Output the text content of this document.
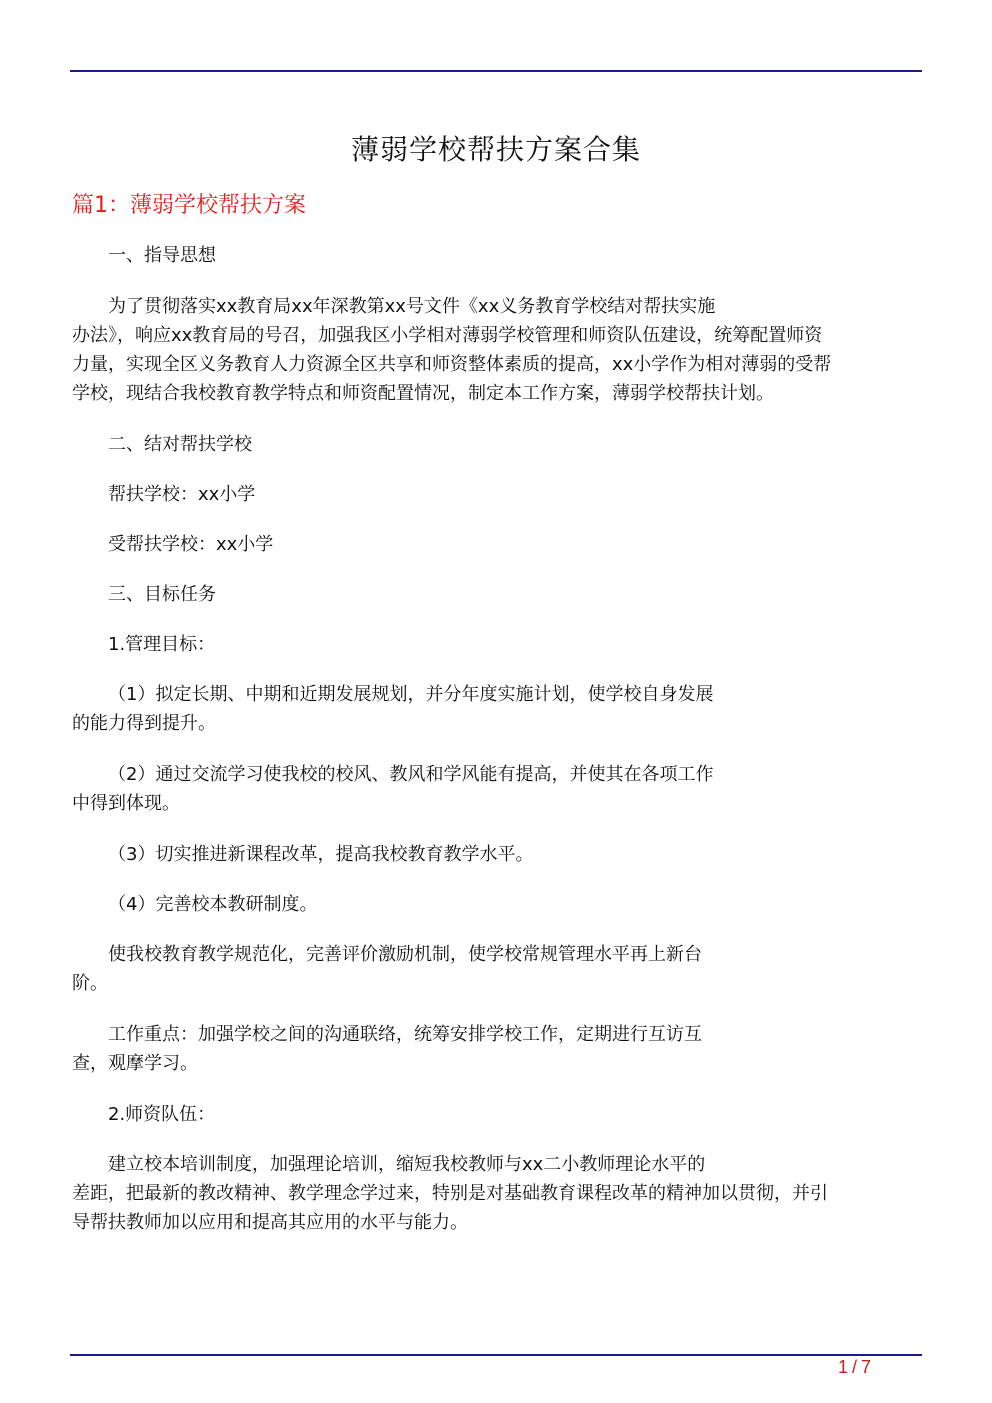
薄弱学校帮扶方案合集
篇1：薄弱学校帮扶方案
一、指导思想
为了贯彻落实xx教育局xx年深教第xx号文件《xx义务教育学校结对帮扶实施
办法》，响应xx教育局的号召，加强我区小学相对薄弱学校管理和师资队伍建设，统筹配置师资
力量，实现全区义务教育人力资源全区共享和师资整体素质的提高，xx小学作为相对薄弱的受帮
学校，现结合我校教育教学特点和师资配置情况，制定本工作方案，薄弱学校帮扶计划。
二、结对帮扶学校
帮扶学校：xx小学
受帮扶学校：xx小学
三、目标任务
1.管理目标：
（1）拟定长期、中期和近期发展规划，并分年度实施计划，使学校自身发展
的能力得到提升。
（2）通过交流学习使我校的校风、教风和学风能有提高，并使其在各项工作
中得到体现。
（3）切实推进新课程改革，提高我校教育教学水平。
（4）完善校本教研制度。
使我校教育教学规范化，完善评价激励机制，使学校常规管理水平再上新台
阶。
工作重点：加强学校之间的沟通联络，统筹安排学校工作，定期进行互访互
查，观摩学习。
2.师资队伍：
建立校本培训制度，加强理论培训，缩短我校教师与xx二小教师理论水平的
差距，把最新的教改精神、教学理念学过来，特别是对基础教育课程改革的精神加以贯彻，并引
导帮扶教师加以应用和提高其应用的水平与能力。
1 / 7
